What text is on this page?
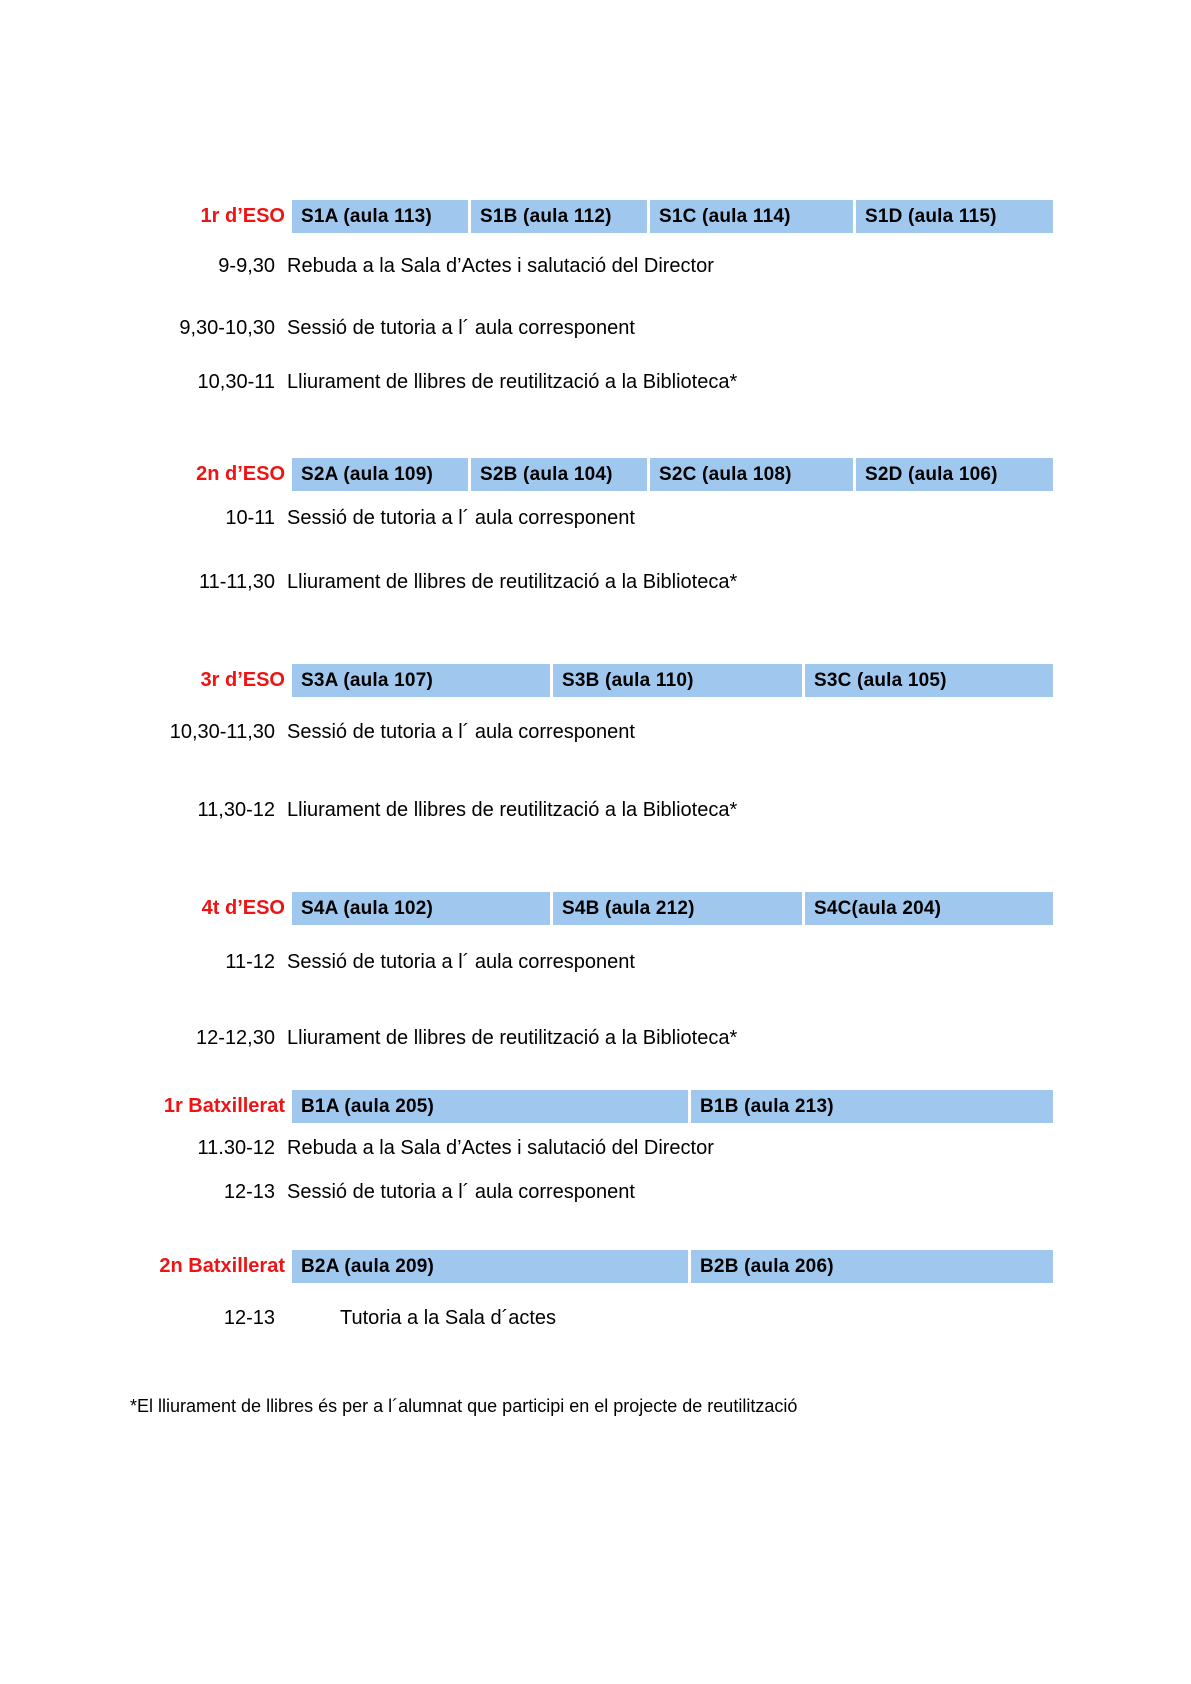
1r d’ESO S1A (aula 113)	S1B (aula 112)	S1C (aula 114)	S1D (aula 115)
9-9,30 Rebuda a la Sala d’Actes i salutació del Director
9,30-10,30 Sessió de tutoria a l´ aula corresponent
10,30-11 Lliurament de llibres de reutilització a la Biblioteca*
2n d’ESO S2A (aula 109)	S2B (aula 104)	S2C (aula 108)	S2D (aula 106)
10-11 Sessió de tutoria a l´ aula corresponent
11-11,30 Lliurament de llibres de reutilització a la Biblioteca*
3r d’ESO S3A (aula 107)	S3B (aula 110)	S3C (aula 105)
10,30-11,30 Sessió de tutoria a l´ aula corresponent
11,30-12 Lliurament de llibres de reutilització a la Biblioteca*
4t d’ESO S4A (aula 102)	S4B (aula 212)	S4C(aula 204)
11-12 Sessió de tutoria a l´ aula corresponent
12-12,30 Lliurament de llibres de reutilització a la Biblioteca*
1r Batxillerat B1A (aula 205)	B1B (aula 213)
11.30-12 Rebuda a la Sala d’Actes i salutació del Director
12-13 Sessió de tutoria a l´ aula corresponent
2n Batxillerat B2A (aula 209)	B2B (aula 206)
12-13	Tutoria a la Sala d´actes
*El lliurament de llibres és per a l´alumnat que participi en el projecte de reutilització
